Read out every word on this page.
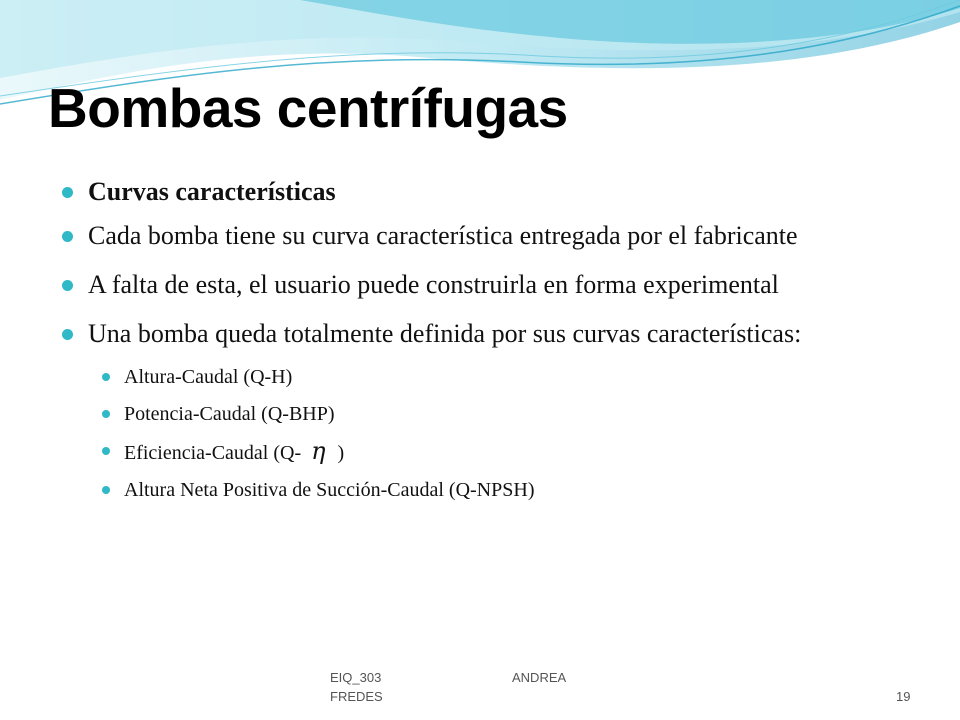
Bombas centrífugas
Curvas características
Cada bomba tiene su curva característica entregada por el fabricante
A falta de esta, el usuario puede construirla en forma experimental
Una bomba queda totalmente definida por sus curvas características:
Altura-Caudal (Q-H)
Potencia-Caudal (Q-BHP)
Eficiencia-Caudal (Q- η )
Altura Neta Positiva de Succión-Caudal (Q-NPSH)
EIQ_303	ANDREA
FREDES	19
